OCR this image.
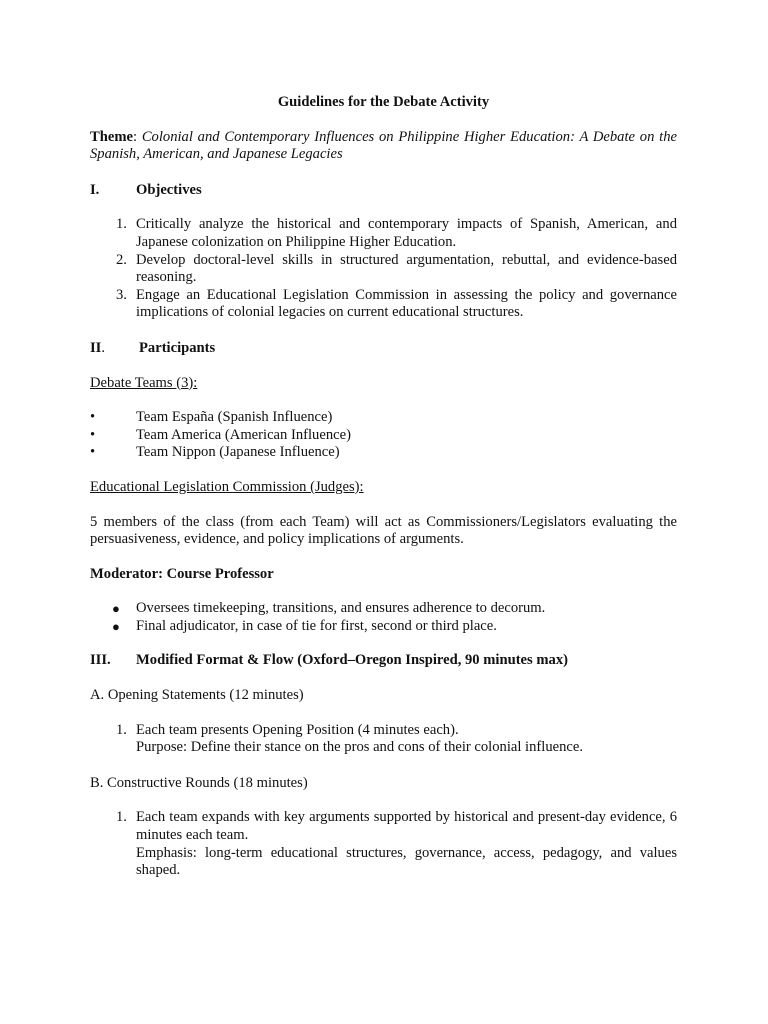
Guidelines for the Debate Activity
Theme: Colonial and Contemporary Influences on Philippine Higher Education: A Debate on the Spanish, American, and Japanese Legacies
I.	Objectives
1. Critically analyze the historical and contemporary impacts of Spanish, American, and Japanese colonization on Philippine Higher Education.
2. Develop doctoral-level skills in structured argumentation, rebuttal, and evidence-based reasoning.
3. Engage an Educational Legislation Commission in assessing the policy and governance implications of colonial legacies on current educational structures.
II.	Participants
Debate Teams (3):
•	Team España (Spanish Influence)
•	Team America (American Influence)
•	Team Nippon (Japanese Influence)
Educational Legislation Commission (Judges):
5 members of the class (from each Team) will act as Commissioners/Legislators evaluating the persuasiveness, evidence, and policy implications of arguments.
Moderator: Course Professor
●	Oversees timekeeping, transitions, and ensures adherence to decorum.
●	Final adjudicator, in case of tie for first, second or third place.
III.	Modified Format & Flow (Oxford–Oregon Inspired, 90 minutes max)
A. Opening Statements (12 minutes)
1. Each team presents Opening Position (4 minutes each).
Purpose: Define their stance on the pros and cons of their colonial influence.
B. Constructive Rounds (18 minutes)
1. Each team expands with key arguments supported by historical and present-day evidence, 6 minutes each team.
Emphasis: long-term educational structures, governance, access, pedagogy, and values shaped.
